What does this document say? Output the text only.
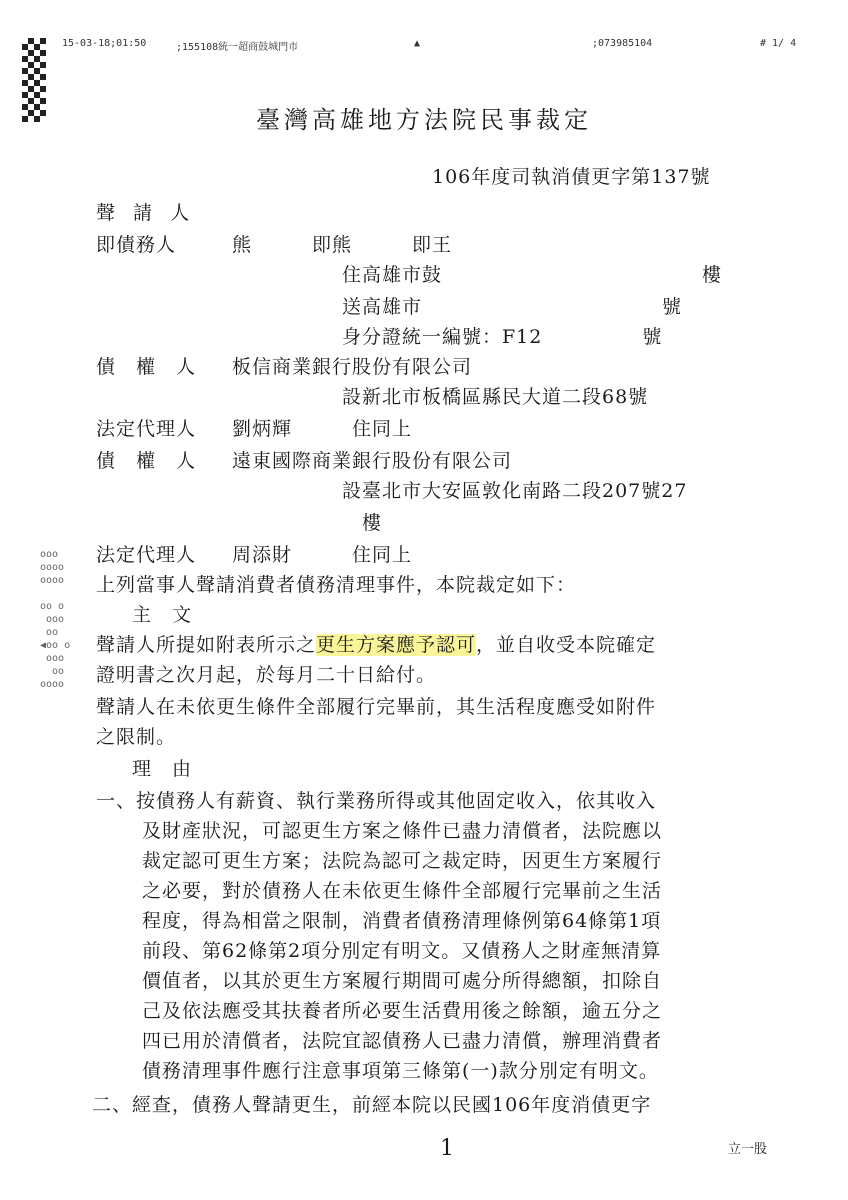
15-03-18;01:50	;155108統一超商鼓城門市	▲	;073985104	# 1/ 4
臺灣高雄地方法院民事裁定
106年度司執消債更字第137號
聲 請 人
即債務人	熊　　　即熊　　　即王
住高雄市鼓　　　　　　　　　　　　　樓
送高雄市　　　　　　　　　　　　號
身分證統一編號：F12　　　　　號
債　權　人 板信商業銀行股份有限公司
設新北市板橋區縣民大道二段68號
法定代理人 劉炳輝　　　住同上
債　權　人 遠東國際商業銀行股份有限公司
設臺北市大安區敦化南路二段207號27
樓
法定代理人 周添財　　　住同上
ooo
oooo
oooo

oo o
ooo
oo
◀oo o
ooo
oo
oooo
上列當事人聲請消費者債務清理事件，本院裁定如下：
主　文
聲請人所提如附表所示之更生方案應予認可，並自收受本院確定
證明書之次月起，於每月二十日給付。
聲請人在未依更生條件全部履行完畢前，其生活程度應受如附件
之限制。
理　由
一、按債務人有薪資、執行業務所得或其他固定收入，依其收入
及財產狀況，可認更生方案之條件已盡力清償者，法院應以
裁定認可更生方案；法院為認可之裁定時，因更生方案履行
之必要，對於債務人在未依更生條件全部履行完畢前之生活
程度，得為相當之限制，消費者債務清理條例第64條第1項
前段、第62條第2項分別定有明文。又債務人之財產無清算
價值者，以其於更生方案履行期間可處分所得總額，扣除自
己及依法應受其扶養者所必要生活費用後之餘額，逾五分之
四已用於清償者，法院宜認債務人已盡力清償，辦理消費者
債務清理事件應行注意事項第三條第(一)款分別定有明文。
二、經查，債務人聲請更生，前經本院以民國106年度消債更字
1	立一股
